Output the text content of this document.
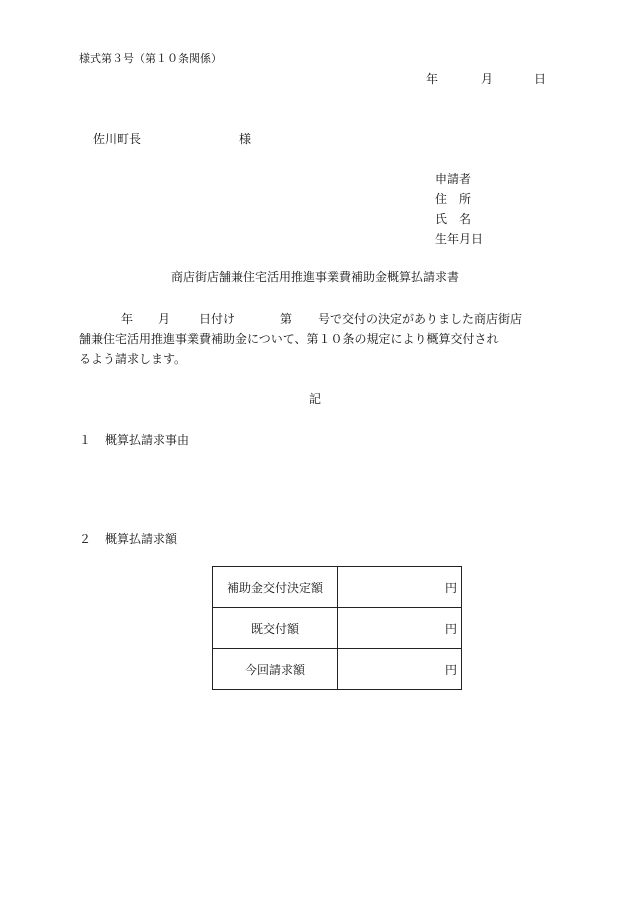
様式第３号（第１０条関係）
年	月	日
佐川町長	様
申請者
住　所
氏　名
生年月日
商店街店舗兼住宅活用推進事業費補助金概算払請求書
年 月 日付け	第 号で交付の決定がありました商店街店
舗兼住宅活用推進事業費補助金について、第１０条の規定により概算交付され
るよう請求します。
記
１ 概算払請求事由
２ 概算払請求額
補助金交付決定額	円
既交付額	円
今回請求額	円
